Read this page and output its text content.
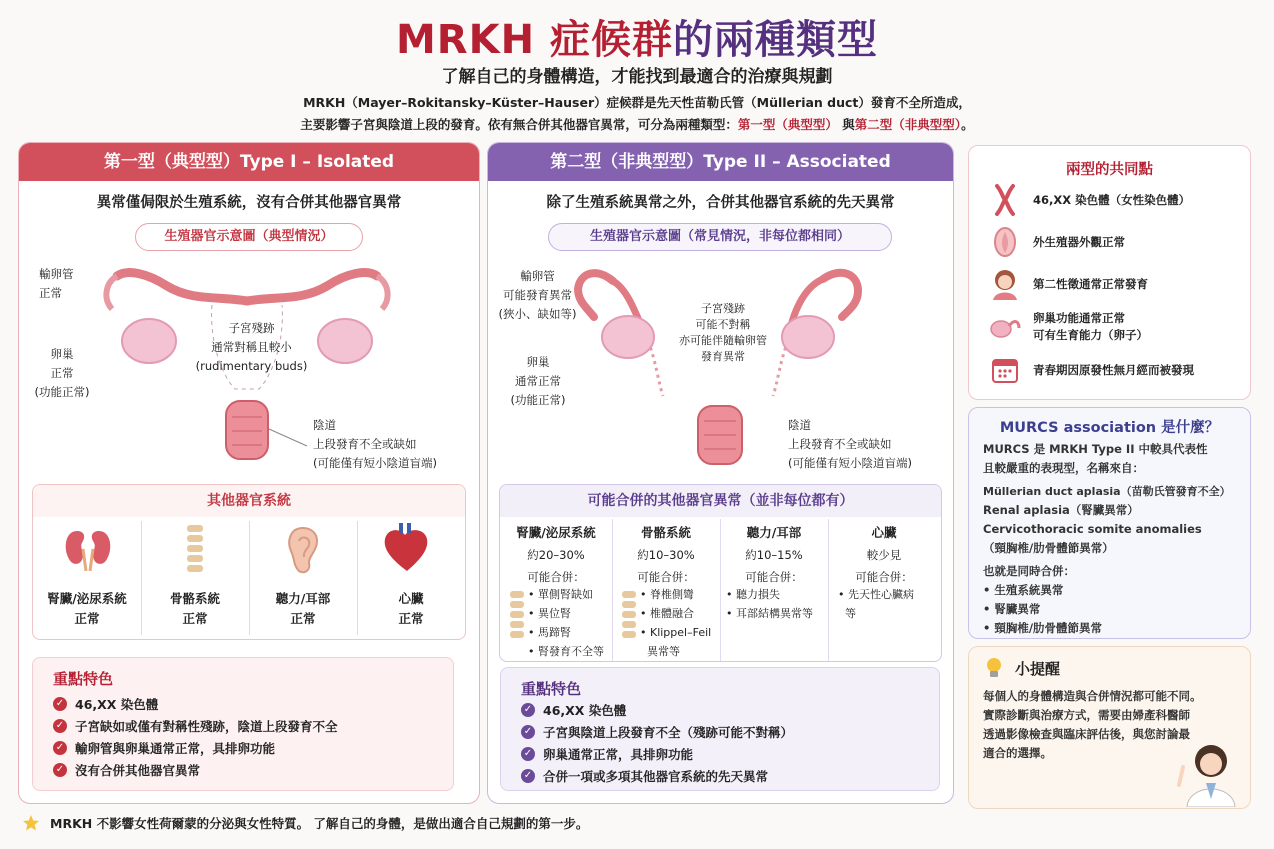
MRKH 症候群的兩種類型
了解自己的身體構造，才能找到最適合的治療與規劃
MRKH（Mayer–Rokitansky–Küster–Hauser）症候群是先天性苗勒氏管（Müllerian duct）發育不全所造成，
主要影響子宮與陰道上段的發育。依有無合併其他器官異常，可分為兩種類型：第一型（典型型） 與第二型（非典型型）。
第一型（典型型）Type I – Isolated
異常僅侷限於生殖系統，沒有合併其他器官異常
生殖器官示意圖（典型情況）
輸卵管
正常
卵巢
正常
(功能正常)
子宮殘跡
通常對稱且較小
(rudimentary buds)
陰道
上段發育不全或缺如
(可能僅有短小陰道盲端)
其他器官系統
腎臟/泌尿系統
正常
骨骼系統
正常
聽力/耳部
正常
心臟
正常
重點特色
✓ 46,XX 染色體
✓ 子宮缺如或僅有對稱性殘跡，陰道上段發育不全
✓ 輸卵管與卵巢通常正常，具排卵功能
✓ 沒有合併其他器官異常
第二型（非典型型）Type II – Associated
除了生殖系統異常之外，合併其他器官系統的先天異常
生殖器官示意圖（常見情況，非每位都相同）
輸卵管
可能發育異常
(狹小、缺如等)
卵巢
通常正常
(功能正常)
子宮殘跡
可能不對稱
亦可能伴隨輸卵管
發育異常
陰道
上段發育不全或缺如
(可能僅有短小陰道盲端)
可能合併的其他器官異常（並非每位都有）
腎臟/泌尿系統
約20–30%
可能合併：
• 單側腎缺如
• 異位腎
• 馬蹄腎
• 腎發育不全等
骨骼系統
約10–30%
可能合併：
• 脊椎側彎
• 椎體融合
• Klippel–Feil
異常等
聽力/耳部
約10–15%
可能合併：
• 聽力損失
• 耳部結構異常等
心臟
較少見
可能合併：
• 先天性心臟病
等
重點特色
✓ 46,XX 染色體
✓ 子宮與陰道上段發育不全（殘跡可能不對稱）
✓ 卵巢通常正常，具排卵功能
✓ 合併一項或多項其他器官系統的先天異常
兩型的共同點
46,XX 染色體（女性染色體）
外生殖器外觀正常
第二性徵通常正常發育
卵巢功能通常正常
可有生育能力（卵子）
青春期因原發性無月經而被發現
MURCS association 是什麼？
MURCS 是 MRKH Type II 中較具代表性
且較嚴重的表現型，名稱來自：
Müllerian duct aplasia（苗勒氏管發育不全）
Renal aplasia（腎臟異常）
Cervicothoracic somite anomalies
（頸胸椎/肋骨體節異常）
也就是同時合併：
• 生殖系統異常
• 腎臟異常
• 頸胸椎/肋骨體節異常
小提醒
每個人的身體構造與合併情況都可能不同。
實際診斷與治療方式，需要由婦產科醫師
透過影像檢查與臨床評估後，與您討論最
適合的選擇。
MRKH 不影響女性荷爾蒙的分泌與女性特質。 了解自己的身體，是做出適合自己規劃的第一步。
